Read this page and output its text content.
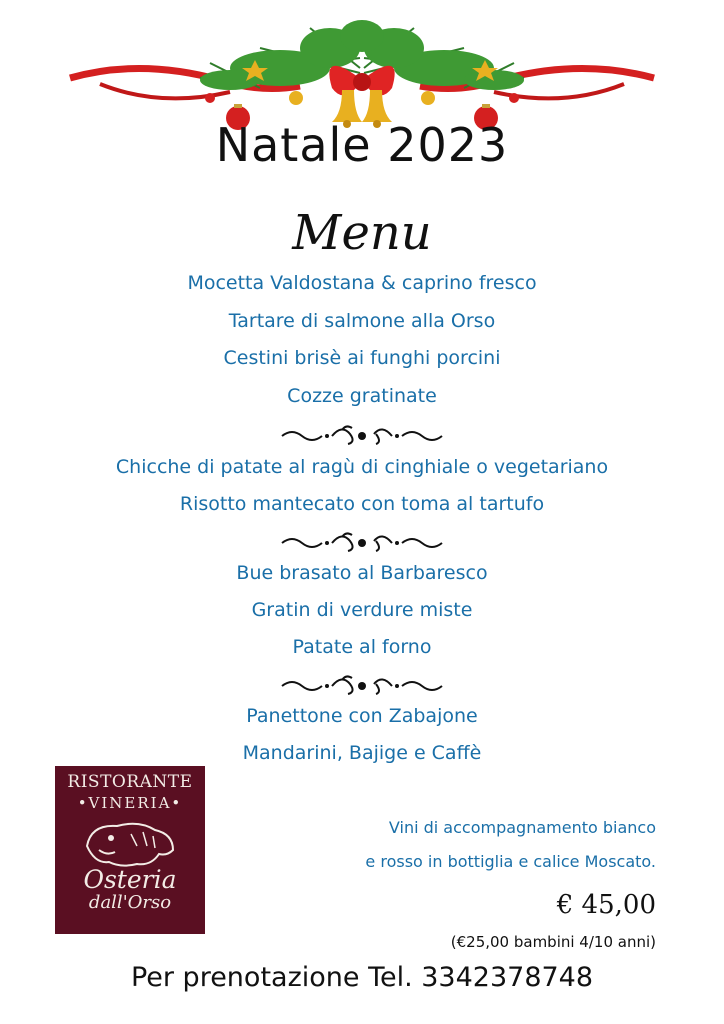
Natale 2023
Menu
Mocetta Valdostana & caprino fresco
Tartare di salmone alla Orso
Cestini brisè ai funghi porcini
Cozze gratinate
Chicche di patate al ragù di cinghiale o vegetariano
Risotto mantecato con toma al tartufo
Bue brasato al Barbaresco
Gratin di verdure miste
Patate al forno
Panettone con Zabajone
Mandarini, Bajige e Caffè
RISTORANTE
•VINERIA•
Osteria
dall'Orso
Vini di accompagnamento bianco
e rosso in bottiglia e calice Moscato.
€ 45,00
(€25,00 bambini 4/10 anni)
Per prenotazione Tel. 3342378748
